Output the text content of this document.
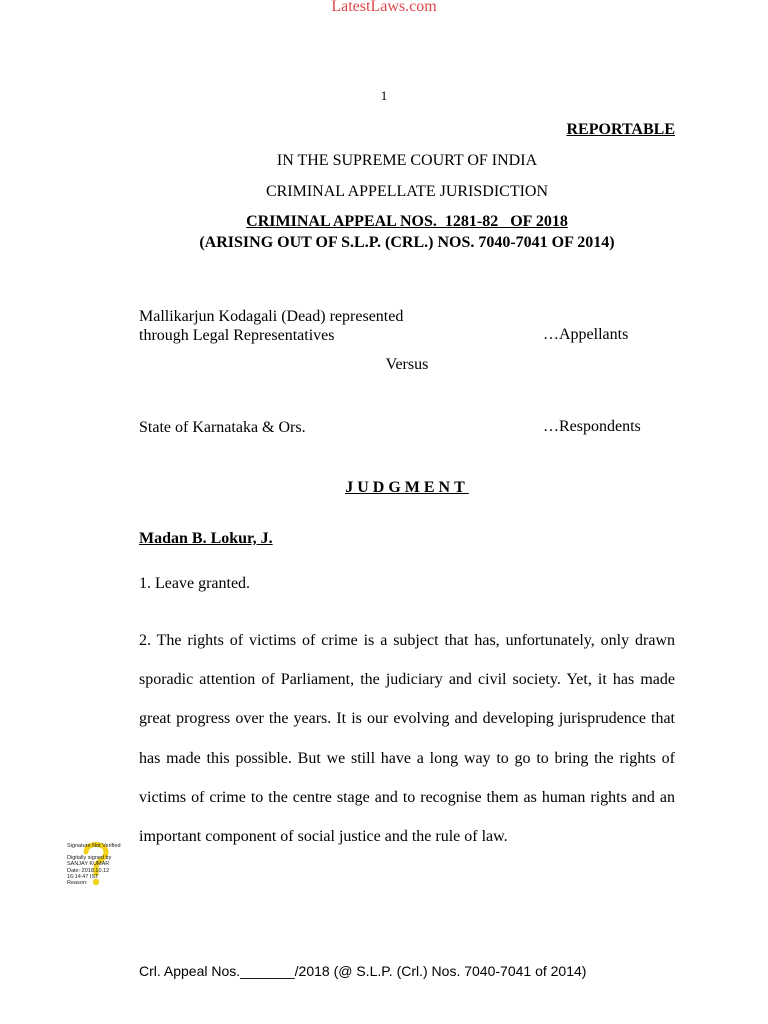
LatestLaws.com
1
REPORTABLE
IN THE SUPREME COURT OF INDIA
CRIMINAL APPELLATE JURISDICTION
CRIMINAL APPEAL NOS.  1281-82   OF 2018
(ARISING OUT OF S.L.P. (CRL.) NOS. 7040-7041 OF 2014)
Mallikarjun Kodagali (Dead) represented
through Legal Representatives	…Appellants
Versus
State of Karnataka & Ors.	…Respondents
JUDGMENT
Madan B. Lokur, J.
1. Leave granted.

2. The rights of victims of crime is a subject that has, unfortunately, only drawn sporadic attention of Parliament, the judiciary and civil society. Yet, it has made great progress over the years. It is our evolving and developing jurisprudence that has made this possible. But we still have a long way to go to bring the rights of victims of crime to the centre stage and to recognise them as human rights and an important component of social justice and the rule of law.

Signature Not Verified
Digitally signed by
SANJAY KUMAR
Date: 2018.10.12
16:14:47 IST
Reason:
Crl. Appeal Nos._______/2018 (@ S.L.P. (Crl.) Nos. 7040-7041 of 2014)
